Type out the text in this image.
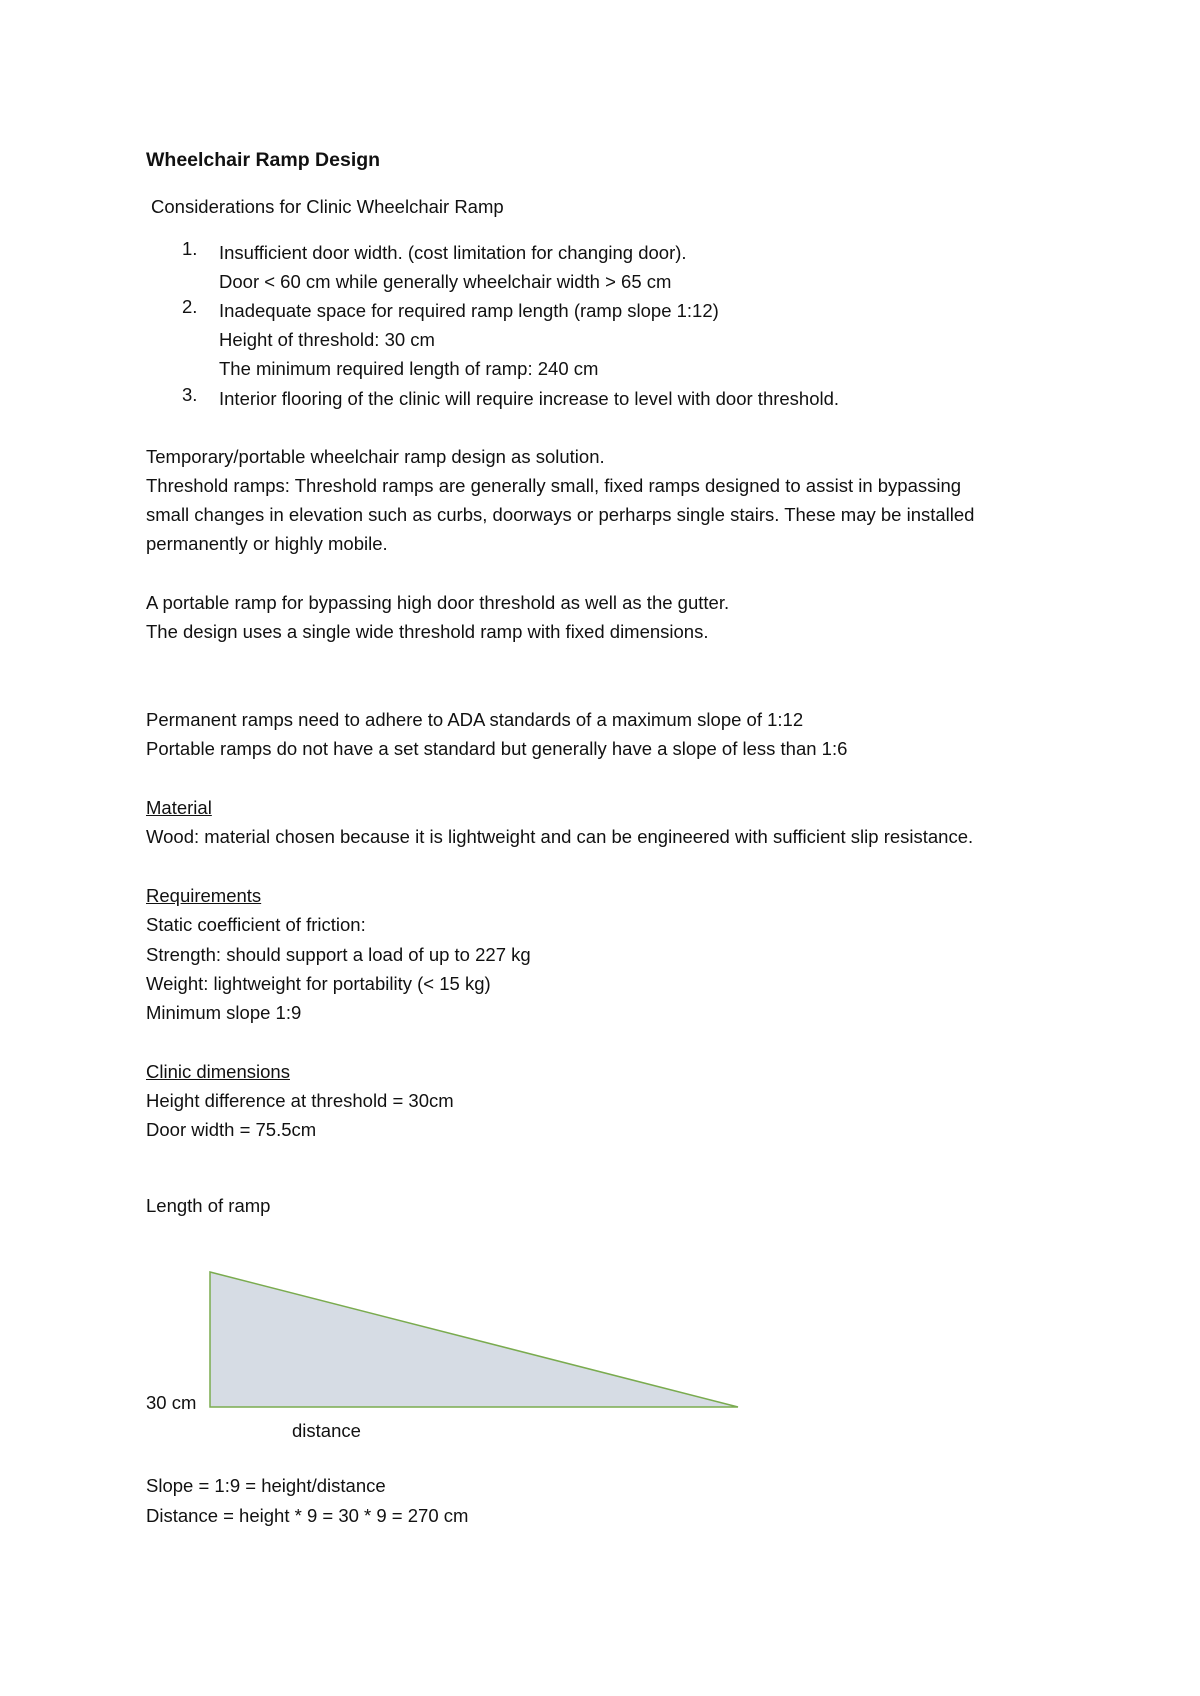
Wheelchair Ramp Design
Considerations for Clinic Wheelchair Ramp
1. Insufficient door width. (cost limitation for changing door).
Door < 60 cm while generally wheelchair width > 65 cm
2. Inadequate space for required ramp length (ramp slope 1:12)
Height of threshold: 30 cm
The minimum required length of ramp: 240 cm
3. Interior flooring of the clinic will require increase to level with door threshold.
Temporary/portable wheelchair ramp design as solution.
Threshold ramps: Threshold ramps are generally small, fixed ramps designed to assist in bypassing
small changes in elevation such as curbs, doorways or perharps single stairs. These may be installed
permanently or highly mobile.
A portable ramp for bypassing high door threshold as well as the gutter.
The design uses a single wide threshold ramp with fixed dimensions.
Permanent ramps need to adhere to ADA standards of a maximum slope of 1:12
Portable ramps do not have a set standard but generally have a slope of less than 1:6
Material
Wood: material chosen because it is lightweight and can be engineered with sufficient slip resistance.
Requirements
Static coefficient of friction:
Strength: should support a load of up to 227 kg
Weight: lightweight for portability (< 15 kg)
Minimum slope 1:9
Clinic dimensions
Height difference at threshold = 30cm
Door width = 75.5cm
Length of ramp
30 cm
distance
Slope = 1:9 = height/distance
Distance = height * 9 = 30 * 9 = 270 cm
